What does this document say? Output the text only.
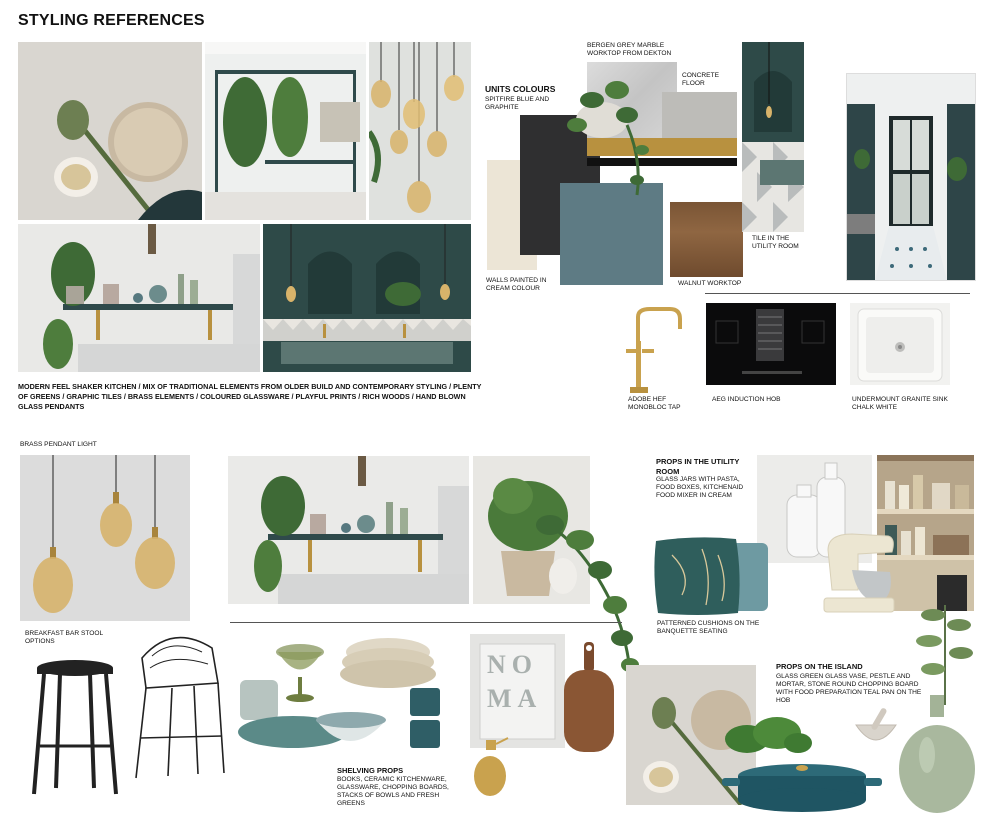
STYLING REFERENCES
MODERN FEEL SHAKER KITCHEN / MIX OF TRADITIONAL ELEMENTS FROM OLDER BUILD AND CONTEMPORARY STYLING / PLENTY OF GREENS / GRAPHIC TILES / BRASS ELEMENTS / COLOURED GLASSWARE / PLAYFUL PRINTS / RICH WOODS / HAND BLOWN GLASS PENDANTS
UNITS COLOURS
SPITFIRE BLUE AND GRAPHITE
BERGEN GREY MARBLE WORKTOP FROM DEKTON
CONCRETE FLOOR
TILE IN THE UTILITY ROOM
WALLS PAINTED IN CREAM COLOUR
WALNUT WORKTOP
ADOBE HEF MONOBLOC TAP
AEG INDUCTION HOB	UNDERMOUNT GRANITE SINK CHALK WHITE
BRASS PENDANT LIGHT
BREAKFAST BAR STOOL OPTIONS
NO
MA
SHELVING PROPS
BOOKS, CERAMIC KITCHENWARE, GLASSWARE, CHOPPING BOARDS, STACKS OF BOWLS AND FRESH GREENS
PROPS IN THE UTILITY ROOM
GLASS JARS WITH PASTA, FOOD BOXES, KITCHENAID FOOD MIXER IN CREAM
PATTERNED CUSHIONS ON THE BANQUETTE SEATING
PROPS ON THE ISLAND
GLASS GREEN GLASS VASE, PESTLE AND MORTAR, STONE ROUND CHOPPING BOARD WITH FOOD PREPARATION TEAL PAN ON THE HOB
